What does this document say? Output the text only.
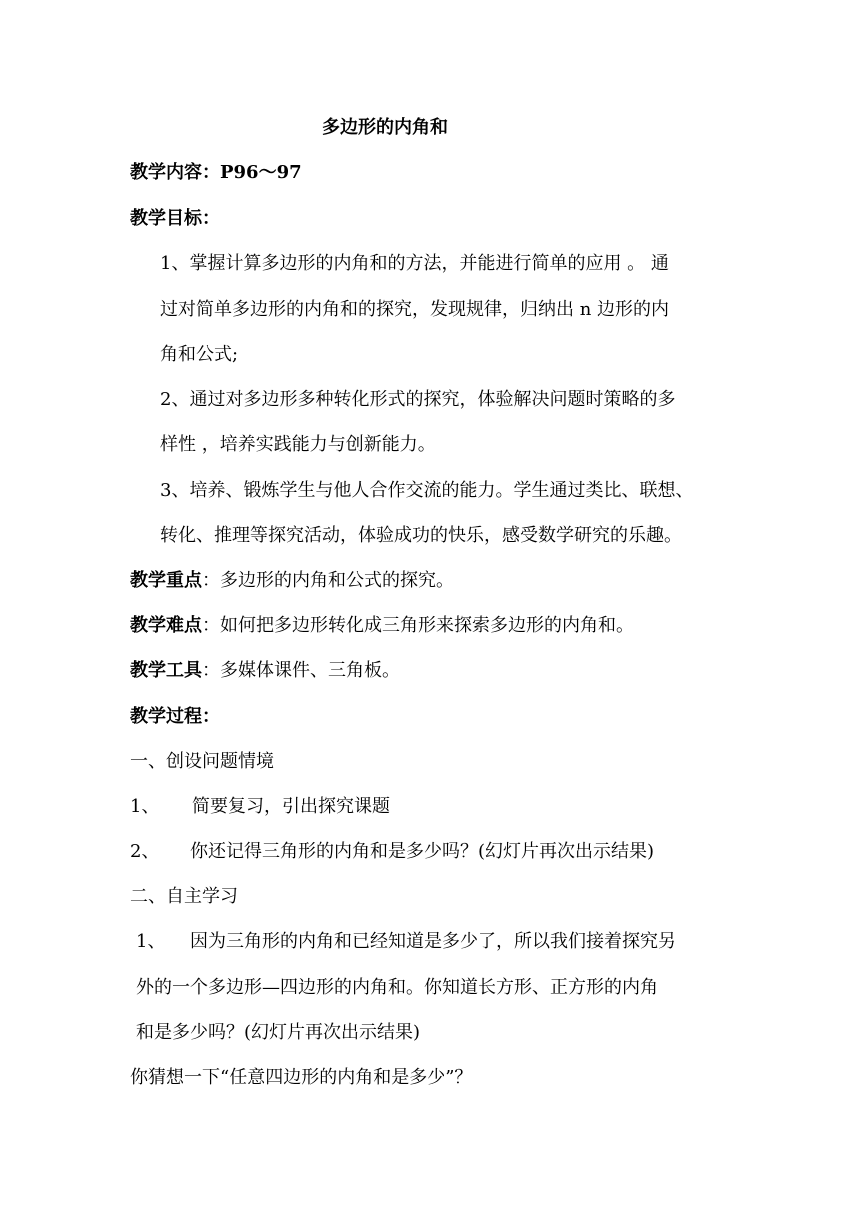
多边形的内角和
教学内容：P96～97
教学目标：
1、掌握计算多边形的内角和的方法，并能进行简单的应用 。 通
过对简单多边形的内角和的探究，发现规律，归纳出 n 边形的内
角和公式;
2、通过对多边形多种转化形式的探究，体验解决问题时策略的多
样性 ，培养实践能力与创新能力。
3、培养、锻炼学生与他人合作交流的能力。学生通过类比、联想、
转化、推理等探究活动，体验成功的快乐，感受数学研究的乐趣。
教学重点：多边形的内角和公式的探究。
教学难点：如何把多边形转化成三角形来探索多边形的内角和。
教学工具：多媒体课件、三角板。
教学过程：
一、创设问题情境
1、 简要复习，引出探究课题
2、 你还记得三角形的内角和是多少吗？(幻灯片再次出示结果)
二、自主学习
1、 因为三角形的内角和已经知道是多少了，所以我们接着探究另
外的一个多边形—四边形的内角和。你知道长方形、正方形的内角
和是多少吗？(幻灯片再次出示结果)
你猜想一下“任意四边形的内角和是多少”？
